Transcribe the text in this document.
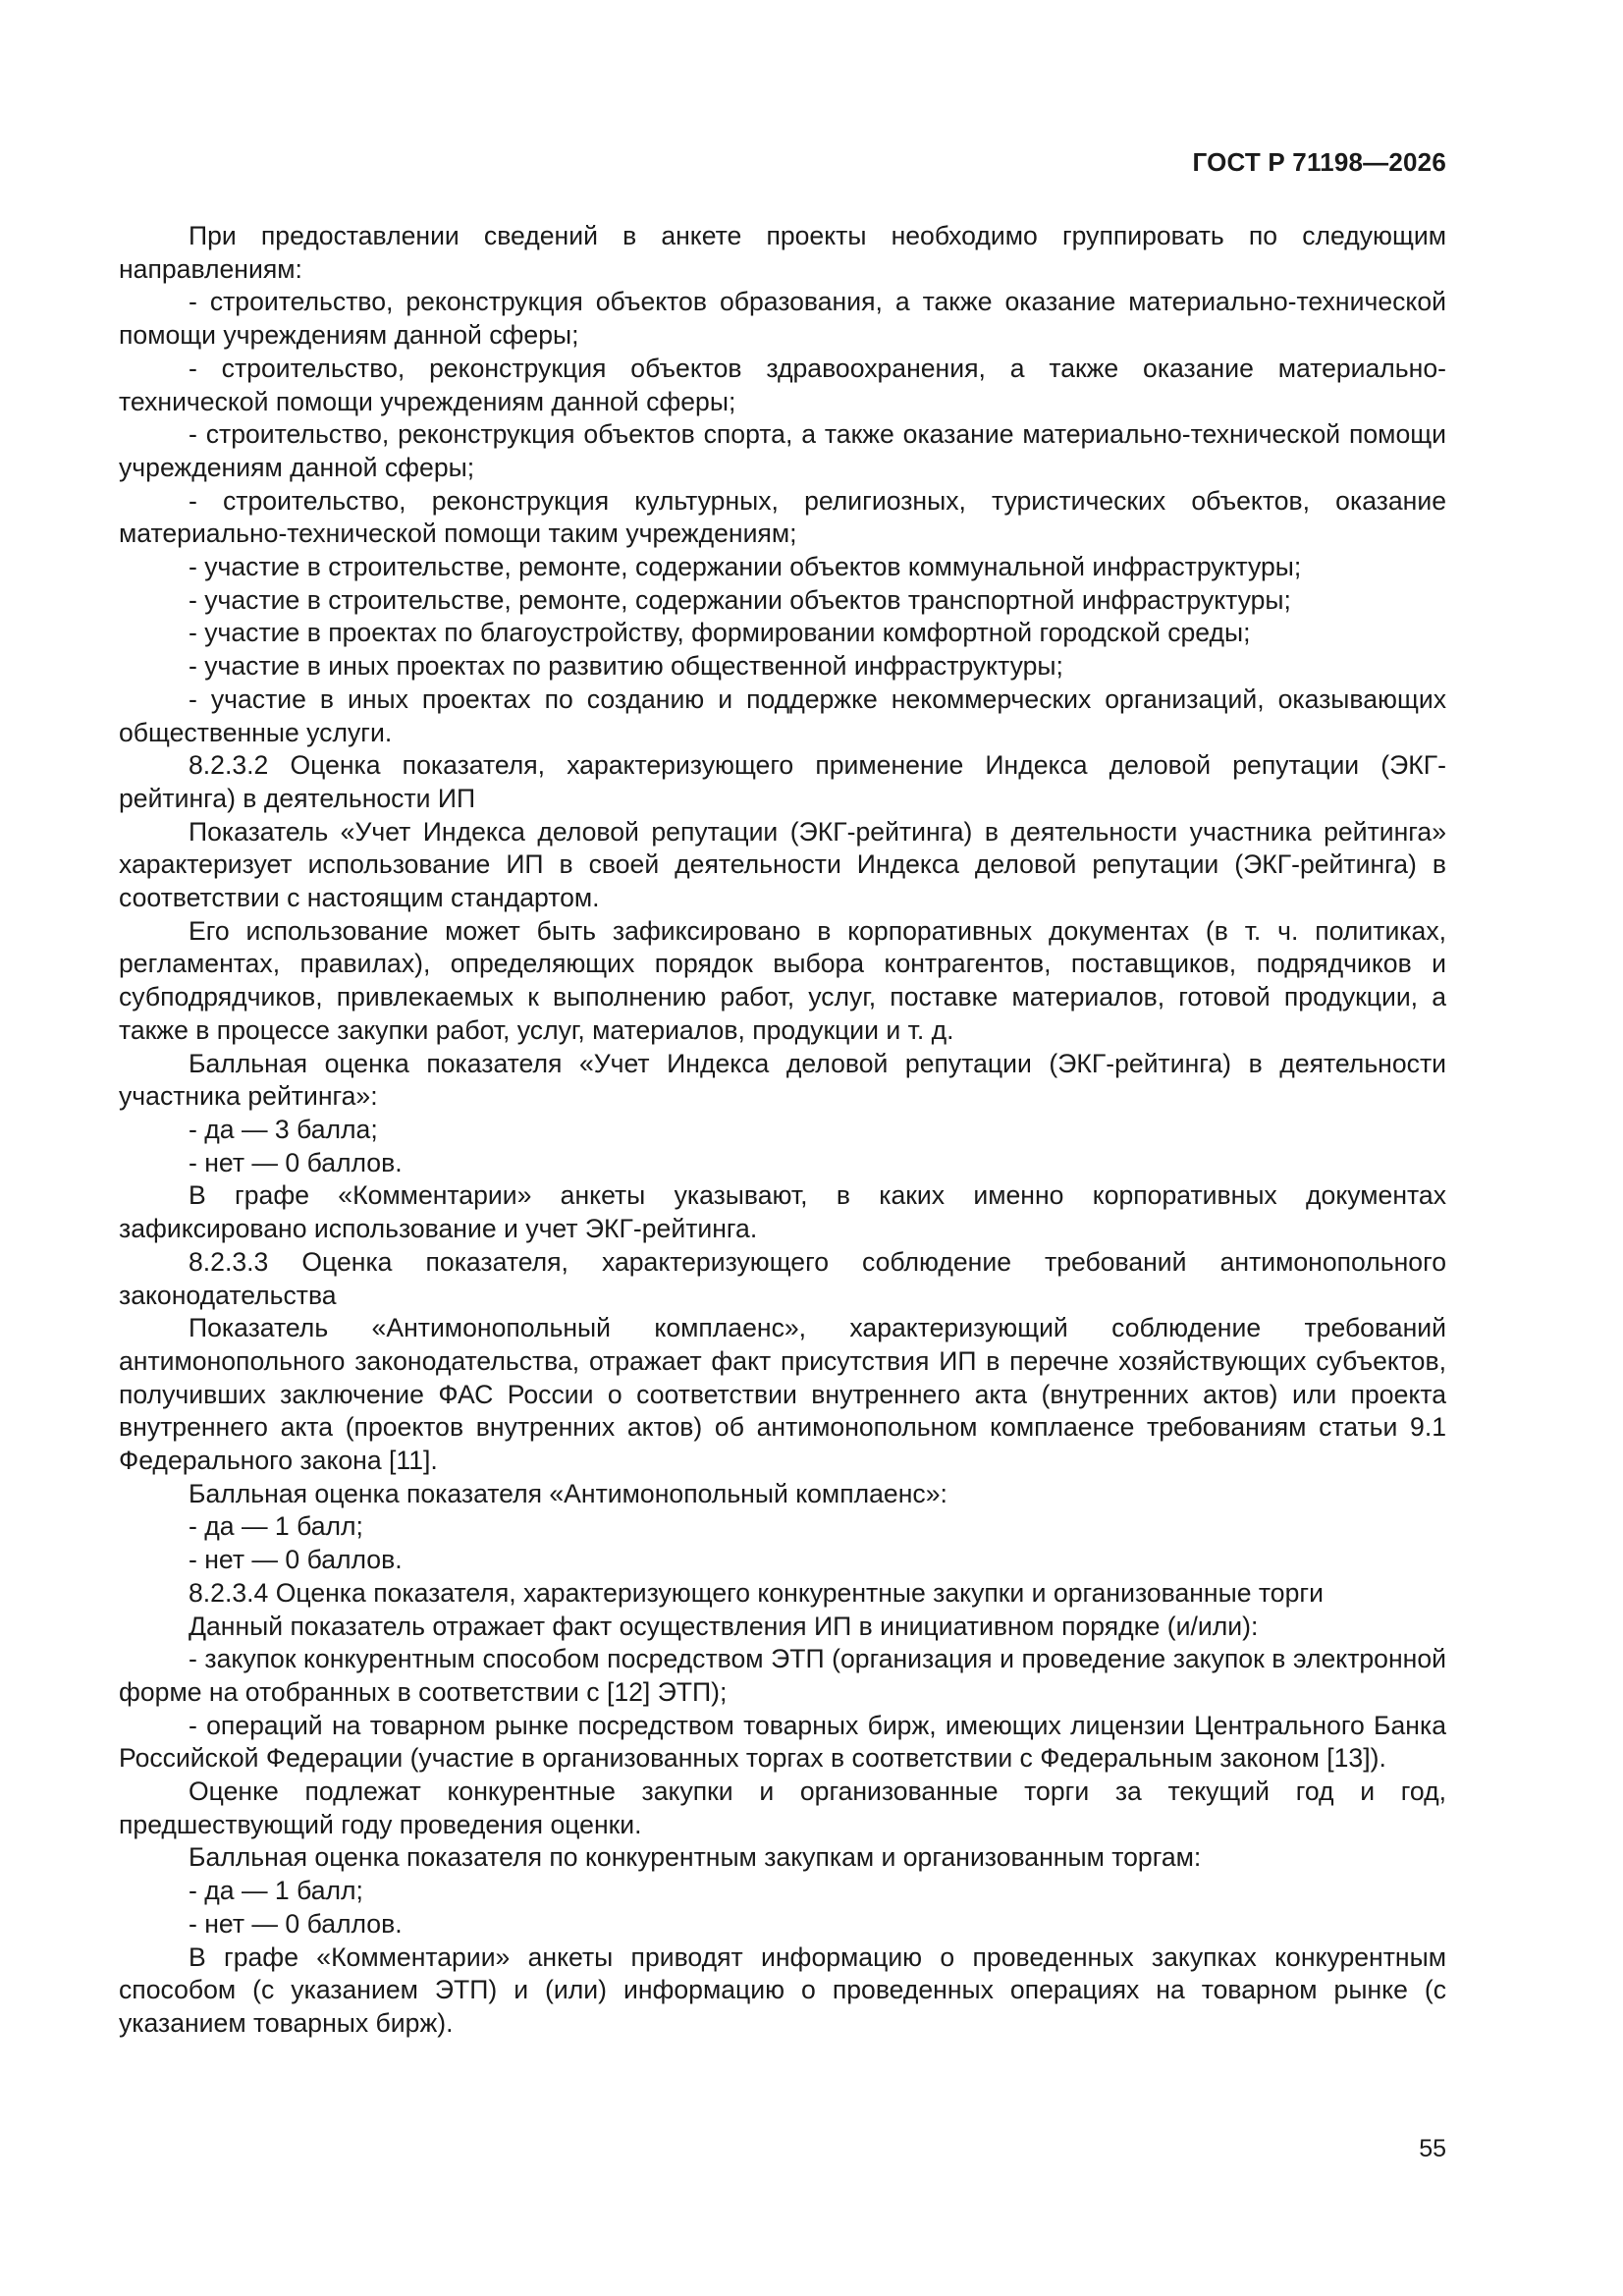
ГОСТ Р 71198—2026

При предоставлении сведений в анкете проекты необходимо группировать по следующим направлениям:

- строительство, реконструкция объектов образования, а также оказание материально-технической помощи учреждениям данной сферы;

- строительство, реконструкция объектов здравоохранения, а также оказание материально-технической помощи учреждениям данной сферы;

- строительство, реконструкция объектов спорта, а также оказание материально-технической помощи учреждениям данной сферы;

- строительство, реконструкция культурных, религиозных, туристических объектов, оказание материально-технической помощи таким учреждениям;

- участие в строительстве, ремонте, содержании объектов коммунальной инфраструктуры;

- участие в строительстве, ремонте, содержании объектов транспортной инфраструктуры;

- участие в проектах по благоустройству, формировании комфортной городской среды;

- участие в иных проектах по развитию общественной инфраструктуры;

- участие в иных проектах по созданию и поддержке некоммерческих организаций, оказывающих общественные услуги.

8.2.3.2 Оценка показателя, характеризующего применение Индекса деловой репутации (ЭКГ-рейтинга) в деятельности ИП

Показатель «Учет Индекса деловой репутации (ЭКГ-рейтинга) в деятельности участника рейтинга» характеризует использование ИП в своей деятельности Индекса деловой репутации (ЭКГ-рейтинга) в соответствии с настоящим стандартом.

Его использование может быть зафиксировано в корпоративных документах (в т. ч. политиках, регламентах, правилах), определяющих порядок выбора контрагентов, поставщиков, подрядчиков и субподрядчиков, привлекаемых к выполнению работ, услуг, поставке материалов, готовой продукции, а также в процессе закупки работ, услуг, материалов, продукции и т. д.

Балльная оценка показателя «Учет Индекса деловой репутации (ЭКГ-рейтинга) в деятельности участника рейтинга»:

- да — 3 балла;

- нет — 0 баллов.

В графе «Комментарии» анкеты указывают, в каких именно корпоративных документах зафиксировано использование и учет ЭКГ-рейтинга.

8.2.3.3 Оценка показателя, характеризующего соблюдение требований антимонопольного законодательства

Показатель «Антимонопольный комплаенс», характеризующий соблюдение требований антимонопольного законодательства, отражает факт присутствия ИП в перечне хозяйствующих субъектов, получивших заключение ФАС России о соответствии внутреннего акта (внутренних актов) или проекта внутреннего акта (проектов внутренних актов) об антимонопольном комплаенсе требованиям статьи 9.1 Федерального закона [11].

Балльная оценка показателя «Антимонопольный комплаенс»:

- да — 1 балл;

- нет — 0 баллов.

8.2.3.4 Оценка показателя, характеризующего конкурентные закупки и организованные торги

Данный показатель отражает факт осуществления ИП в инициативном порядке (и/или):

- закупок конкурентным способом посредством ЭТП (организация и проведение закупок в электронной форме на отобранных в соответствии с [12] ЭТП);

- операций на товарном рынке посредством товарных бирж, имеющих лицензии Центрального Банка Российской Федерации (участие в организованных торгах в соответствии с Федеральным законом [13]).

Оценке подлежат конкурентные закупки и организованные торги за текущий год и год, предшествующий году проведения оценки.

Балльная оценка показателя по конкурентным закупкам и организованным торгам:

- да — 1 балл;

- нет — 0 баллов.

В графе «Комментарии» анкеты приводят информацию о проведенных закупках конкурентным способом (с указанием ЭТП) и (или) информацию о проведенных операциях на товарном рынке (с указанием товарных бирж).

55
